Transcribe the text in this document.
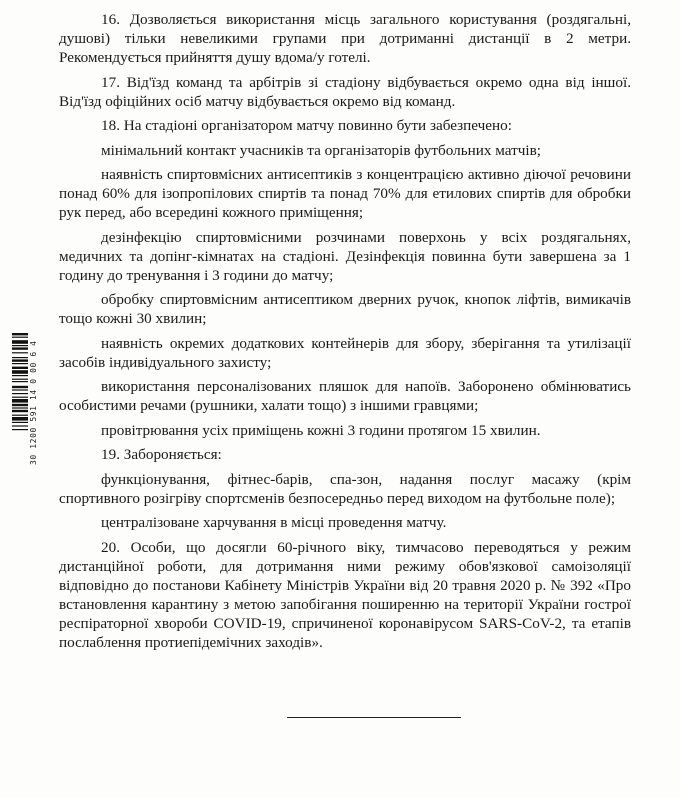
16. Дозволяється використання місць загального користування (роздягальні, душові) тільки невеликими групами при дотриманні дистанції в 2 метри. Рекомендується прийняття душу вдома/у готелі.

17. Від'їзд команд та арбітрів зі стадіону відбувається окремо одна від іншої. Від'їзд офіційних осіб матчу відбувається окремо від команд.

18. На стадіоні організатором матчу повинно бути забезпечено:

мінімальний контакт учасників та організаторів футбольних матчів;

наявність спиртовмісних антисептиків з концентрацією активно діючої речовини понад 60% для ізопропілових спиртів та понад 70% для етилових спиртів для обробки рук перед, або всередині кожного приміщення;

дезінфекцію спиртовмісними розчинами поверхонь у всіх роздягальнях, медичних та допінг-кімнатах на стадіоні. Дезінфекція повинна бути завершена за 1 годину до тренування і 3 години до матчу;

обробку спиртовмісним антисептиком дверних ручок, кнопок ліфтів, вимикачів тощо кожні 30 хвилин;

наявність окремих додаткових контейнерів для збору, зберігання та утилізації засобів індивідуального захисту;

використання персоналізованих пляшок для напоїв. Заборонено обмінюватись особистими речами (рушники, халати тощо) з іншими гравцями;

провітрювання усіх приміщень кожні 3 години протягом 15 хвилин.

19. Забороняється:

функціонування, фітнес-барів, спа-зон, надання послуг масажу (крім спортивного розігріву спортсменів безпосередньо перед виходом на футбольне поле);

централізоване харчування в місці проведення матчу.

20. Особи, що досягли 60-річного віку, тимчасово переводяться у режим дистанційної роботи, для дотримання ними режиму обов'язкової самоізоляції відповідно до постанови Кабінету Міністрів України від 20 травня 2020 р. № 392 «Про встановлення карантину з метою запобігання поширенню на території України гострої респіраторної хвороби COVID-19, спричиненої коронавірусом SARS-CoV-2, та етапів послаблення протиепідемічних заходів».

30 1200 591 14 0 00 6 4
